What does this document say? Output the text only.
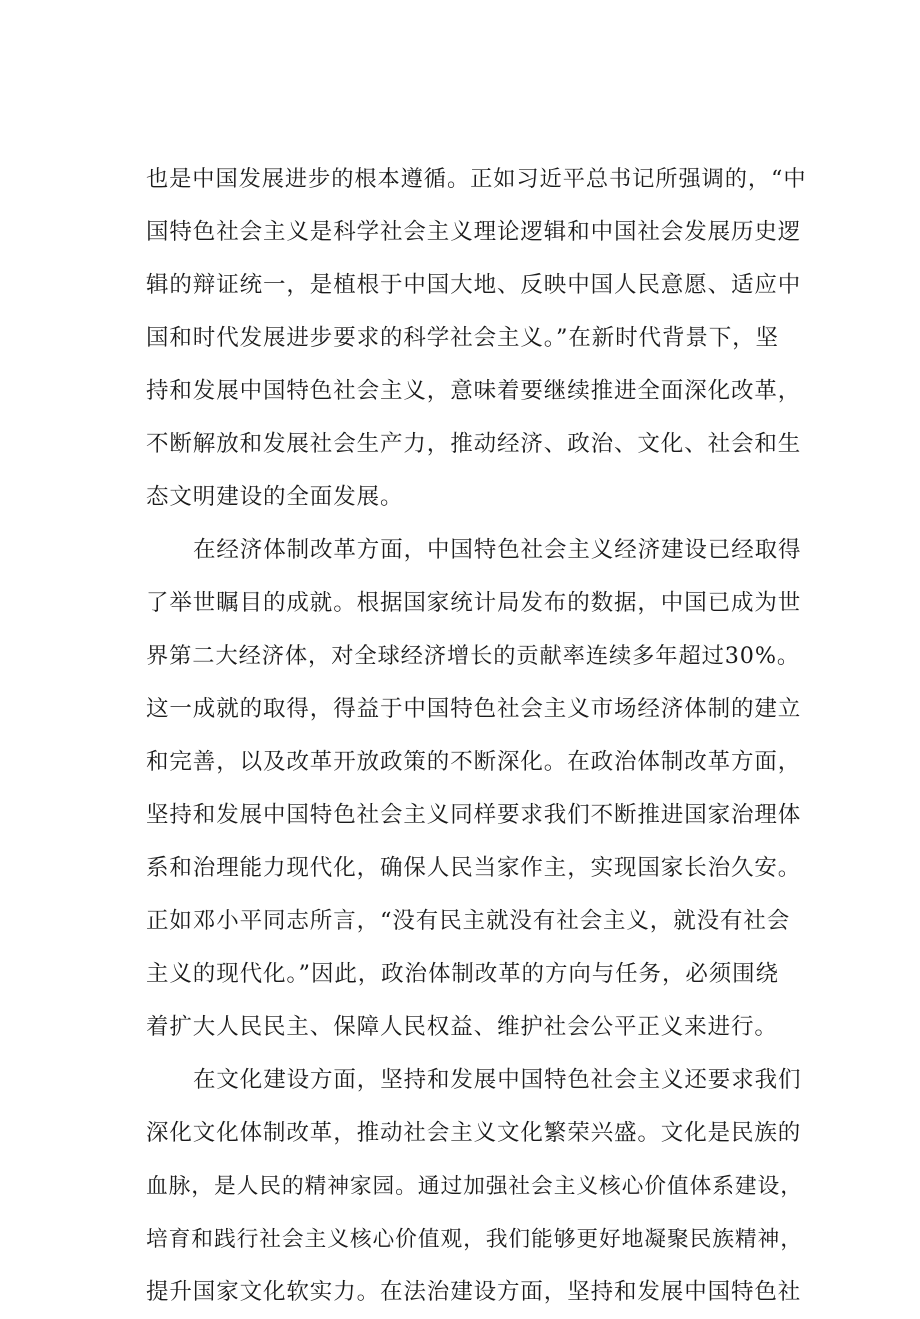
也是中国发展进步的根本遵循。正如习近平总书记所强调的，“中
国特色社会主义是科学社会主义理论逻辑和中国社会发展历史逻
辑的辩证统一，是植根于中国大地、反映中国人民意愿、适应中
国和时代发展进步要求的科学社会主义。”在新时代背景下，坚
持和发展中国特色社会主义，意味着要继续推进全面深化改革，
不断解放和发展社会生产力，推动经济、政治、文化、社会和生
态文明建设的全面发展。
在经济体制改革方面，中国特色社会主义经济建设已经取得
了举世瞩目的成就。根据国家统计局发布的数据，中国已成为世
界第二大经济体，对全球经济增长的贡献率连续多年超过30%。
这一成就的取得，得益于中国特色社会主义市场经济体制的建立
和完善，以及改革开放政策的不断深化。在政治体制改革方面，
坚持和发展中国特色社会主义同样要求我们不断推进国家治理体
系和治理能力现代化，确保人民当家作主，实现国家长治久安。
正如邓小平同志所言，“没有民主就没有社会主义，就没有社会
主义的现代化。”因此，政治体制改革的方向与任务，必须围绕
着扩大人民民主、保障人民权益、维护社会公平正义来进行。
在文化建设方面，坚持和发展中国特色社会主义还要求我们
深化文化体制改革，推动社会主义文化繁荣兴盛。文化是民族的
血脉，是人民的精神家园。通过加强社会主义核心价值体系建设，
培育和践行社会主义核心价值观，我们能够更好地凝聚民族精神，
提升国家文化软实力。在法治建设方面，坚持和发展中国特色社
